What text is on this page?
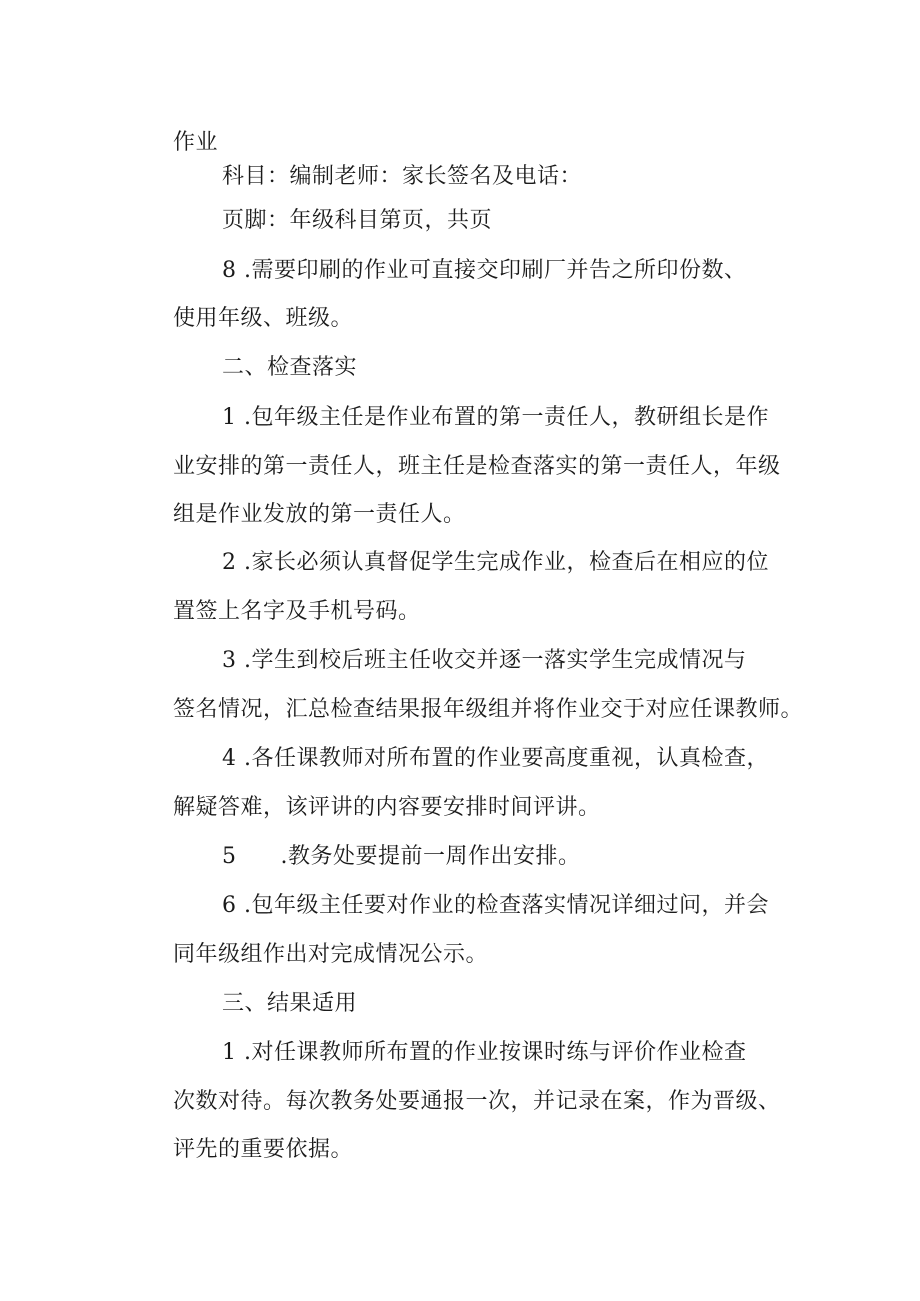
作业
科目：编制老师：家长签名及电话：
页脚：年级科目第页，共页
8 .需要印刷的作业可直接交印刷厂并告之所印份数、
使用年级、班级。
二、检查落实
1 .包年级主任是作业布置的第一责任人，教研组长是作
业安排的第一责任人，班主任是检查落实的第一责任人，年级
组是作业发放的第一责任人。
2 .家长必须认真督促学生完成作业，检查后在相应的位
置签上名字及手机号码。
3 .学生到校后班主任收交并逐一落实学生完成情况与
签名情况，汇总检查结果报年级组并将作业交于对应任课教师。
4 .各任课教师对所布置的作业要高度重视，认真检查，
解疑答难，该评讲的内容要安排时间评讲。
5 .教务处要提前一周作出安排。
6 .包年级主任要对作业的检查落实情况详细过问，并会
同年级组作出对完成情况公示。
三、结果适用
1 .对任课教师所布置的作业按课时练与评价作业检查
次数对待。每次教务处要通报一次，并记录在案，作为晋级、
评先的重要依据。
